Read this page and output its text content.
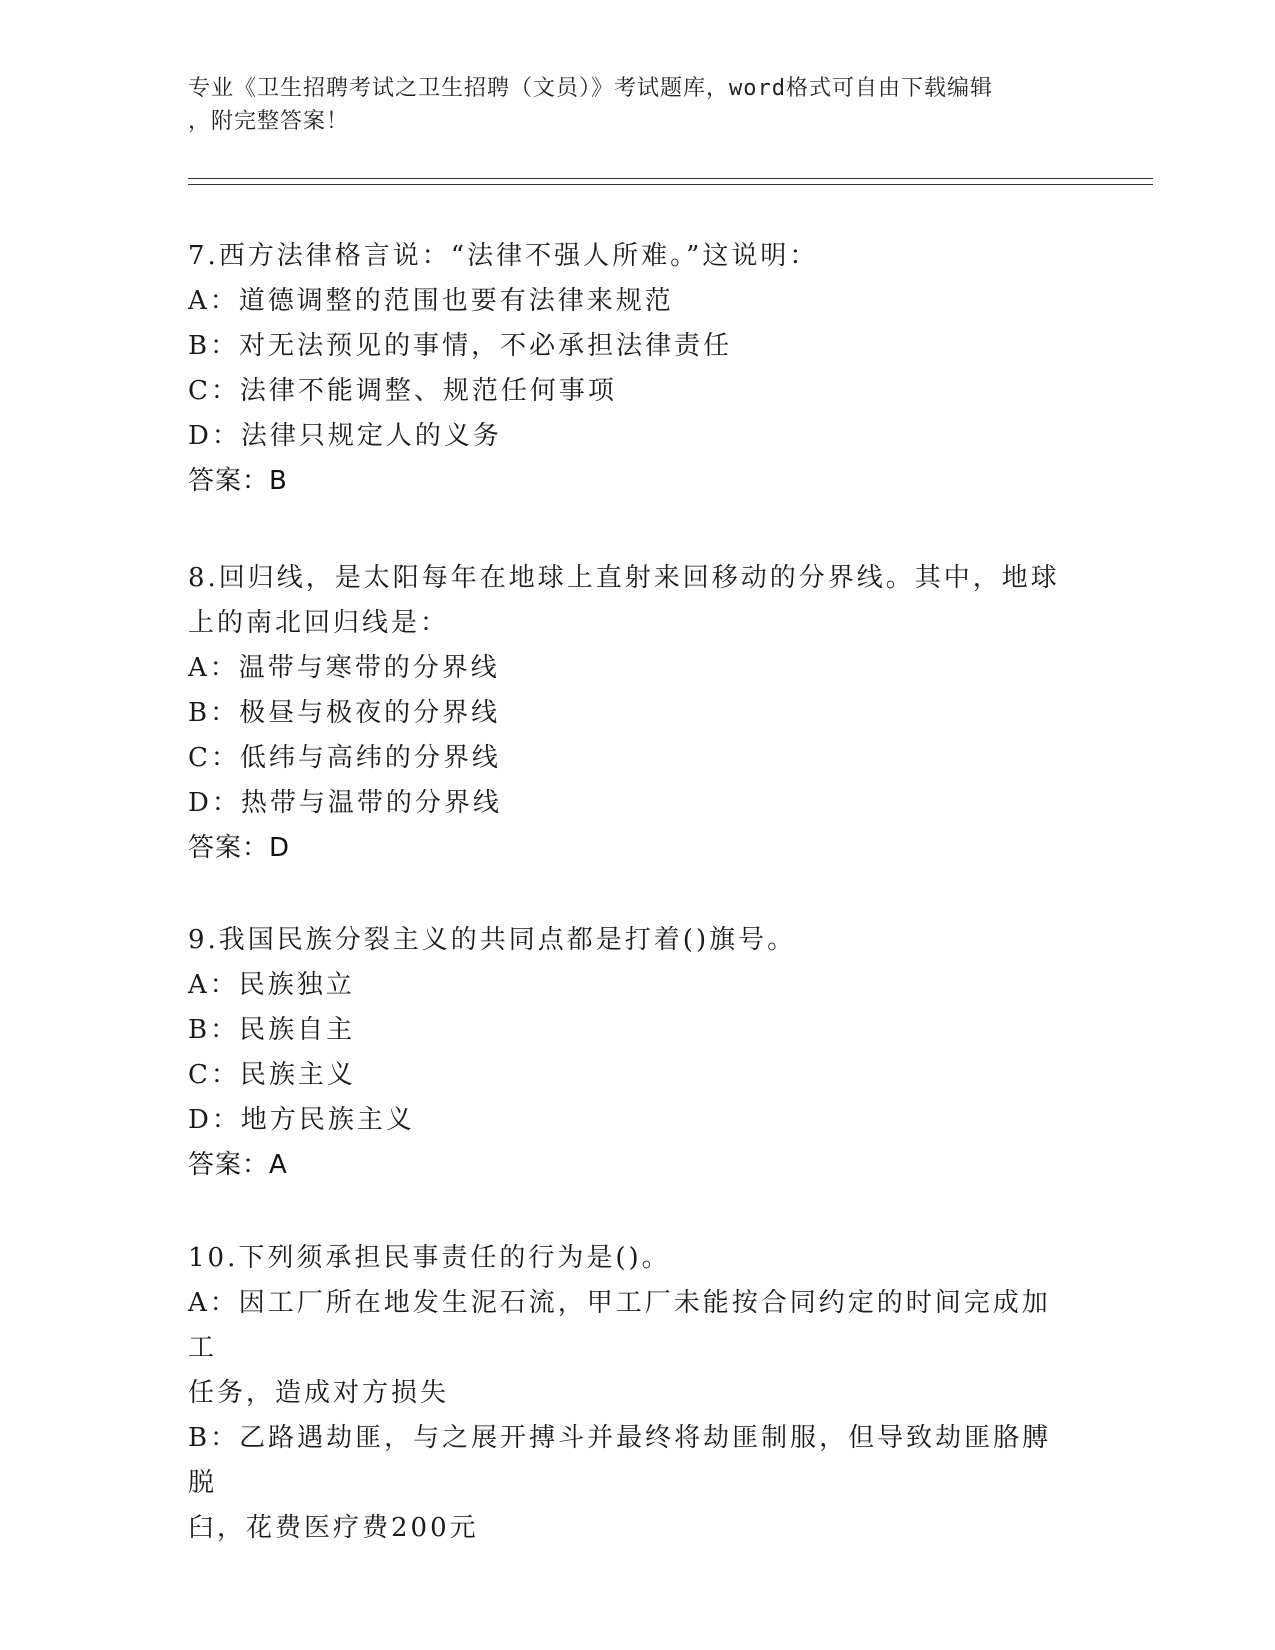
专业《卫生招聘考试之卫生招聘（文员）》考试题库，word格式可自由下载编辑
，附完整答案！
7.西方法律格言说：“法律不强人所难。”这说明：
A：道德调整的范围也要有法律来规范
B：对无法预见的事情，不必承担法律责任
C：法律不能调整、规范任何事项
D：法律只规定人的义务
答案：B
8.回归线，是太阳每年在地球上直射来回移动的分界线。其中，地球
上的南北回归线是：
A：温带与寒带的分界线
B：极昼与极夜的分界线
C：低纬与高纬的分界线
D：热带与温带的分界线
答案：D
9.我国民族分裂主义的共同点都是打着()旗号。
A：民族独立
B：民族自主
C：民族主义
D：地方民族主义
答案：A
10.下列须承担民事责任的行为是()。
A：因工厂所在地发生泥石流，甲工厂未能按合同约定的时间完成加工
任务，造成对方损失
B：乙路遇劫匪，与之展开搏斗并最终将劫匪制服，但导致劫匪胳膊脱
臼，花费医疗费200元
